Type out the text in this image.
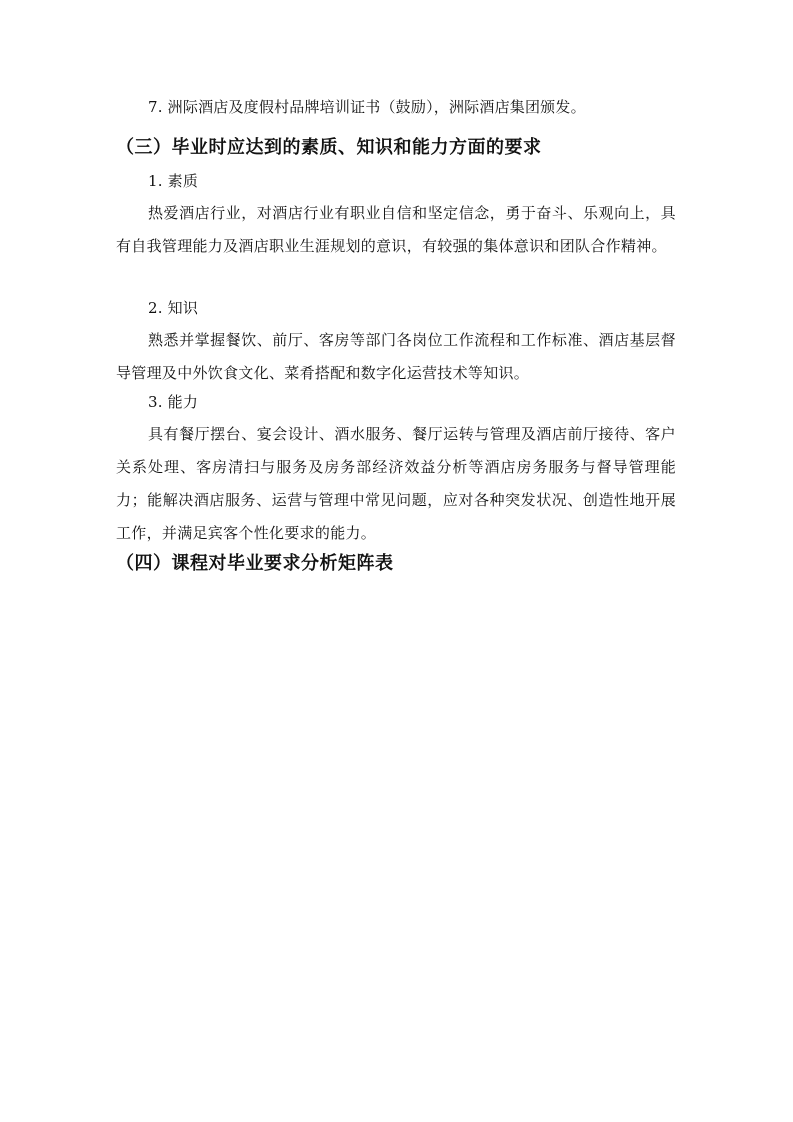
7. 洲际酒店及度假村品牌培训证书（鼓励），洲际酒店集团颁发。
（三）毕业时应达到的素质、知识和能力方面的要求
1. 素质

热爱酒店行业，对酒店行业有职业自信和坚定信念，勇于奋斗、乐观向上，具有自我管理能力及酒店职业生涯规划的意识，有较强的集体意识和团队合作精神。

2. 知识

熟悉并掌握餐饮、前厅、客房等部门各岗位工作流程和工作标准、酒店基层督导管理及中外饮食文化、菜肴搭配和数字化运营技术等知识。

3. 能力

具有餐厅摆台、宴会设计、酒水服务、餐厅运转与管理及酒店前厅接待、客户关系处理、客房清扫与服务及房务部经济效益分析等酒店房务服务与督导管理能力；能解决酒店服务、运营与管理中常见问题，应对各种突发状况、创造性地开展工作，并满足宾客个性化要求的能力。

（四）课程对毕业要求分析矩阵表
